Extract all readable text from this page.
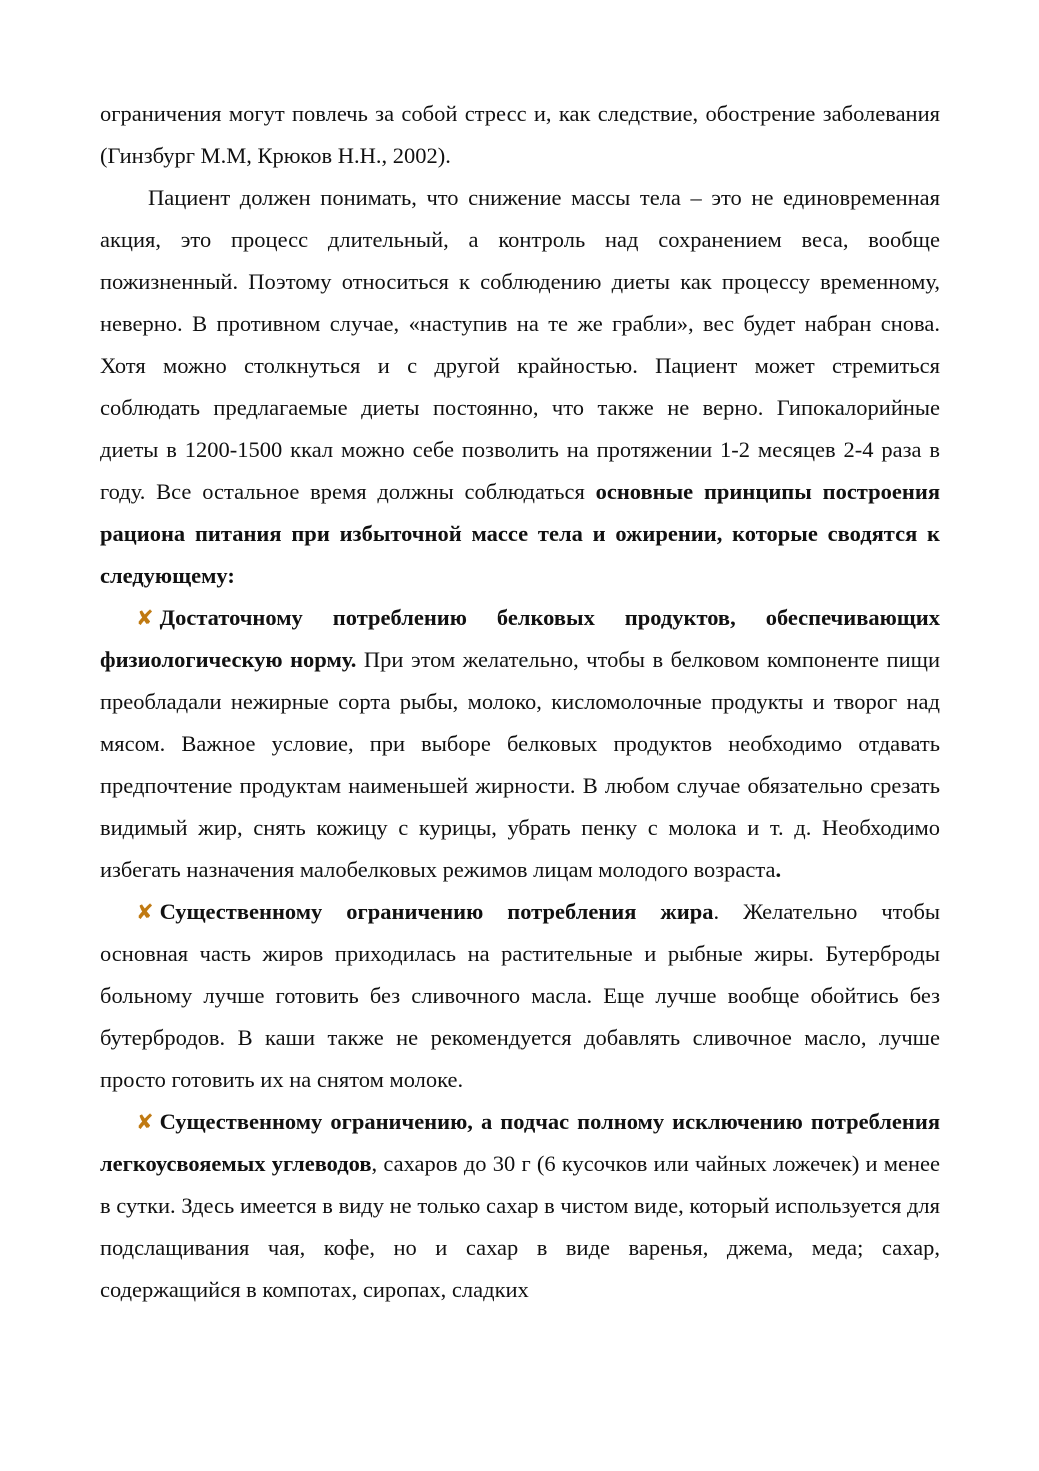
ограничения могут повлечь за собой стресс и, как следствие, обострение заболевания (Гинзбург М.М, Крюков Н.Н., 2002).

Пациент должен понимать, что снижение массы тела – это не единовременная акция, это процесс длительный, а контроль над сохранением веса, вообще пожизненный. Поэтому относиться к соблюдению диеты как процессу временному, неверно. В противном случае, «наступив на те же грабли», вес будет набран снова. Хотя можно столкнуться и с другой крайностью. Пациент может стремиться соблюдать предлагаемые диеты постоянно, что также не верно. Гипокалорийные диеты в 1200-1500 ккал можно себе позволить на протяжении 1-2 месяцев 2-4 раза в году. Все остальное время должны соблюдаться основные принципы построения рациона питания при избыточной массе тела и ожирении, которые сводятся к следующему:

✘ Достаточному потреблению белковых продуктов, обеспечивающих физиологическую норму. При этом желательно, чтобы в белковом компоненте пищи преобладали нежирные сорта рыбы, молоко, кисломолочные продукты и творог над мясом. Важное условие, при выборе белковых продуктов необходимо отдавать предпочтение продуктам наименьшей жирности. В любом случае обязательно срезать видимый жир, снять кожицу с курицы, убрать пенку с молока и т. д. Необходимо избегать назначения малобелковых режимов лицам молодого возраста.

✘ Существенному ограничению потребления жира. Желательно чтобы основная часть жиров приходилась на растительные и рыбные жиры. Бутерброды больному лучше готовить без сливочного масла. Еще лучше вообще обойтись без бутербродов. В каши также не рекомендуется добавлять сливочное масло, лучше просто готовить их на снятом молоке.

✘ Существенному ограничению, а подчас полному исключению потребления легкоусвояемых углеводов, сахаров до 30 г (6 кусочков или чайных ложечек) и менее в сутки. Здесь имеется в виду не только сахар в чистом виде, который используется для подслащивания чая, кофе, но и сахар в виде варенья, джема, меда; сахар, содержащийся в компотах, сиропах, сладких
